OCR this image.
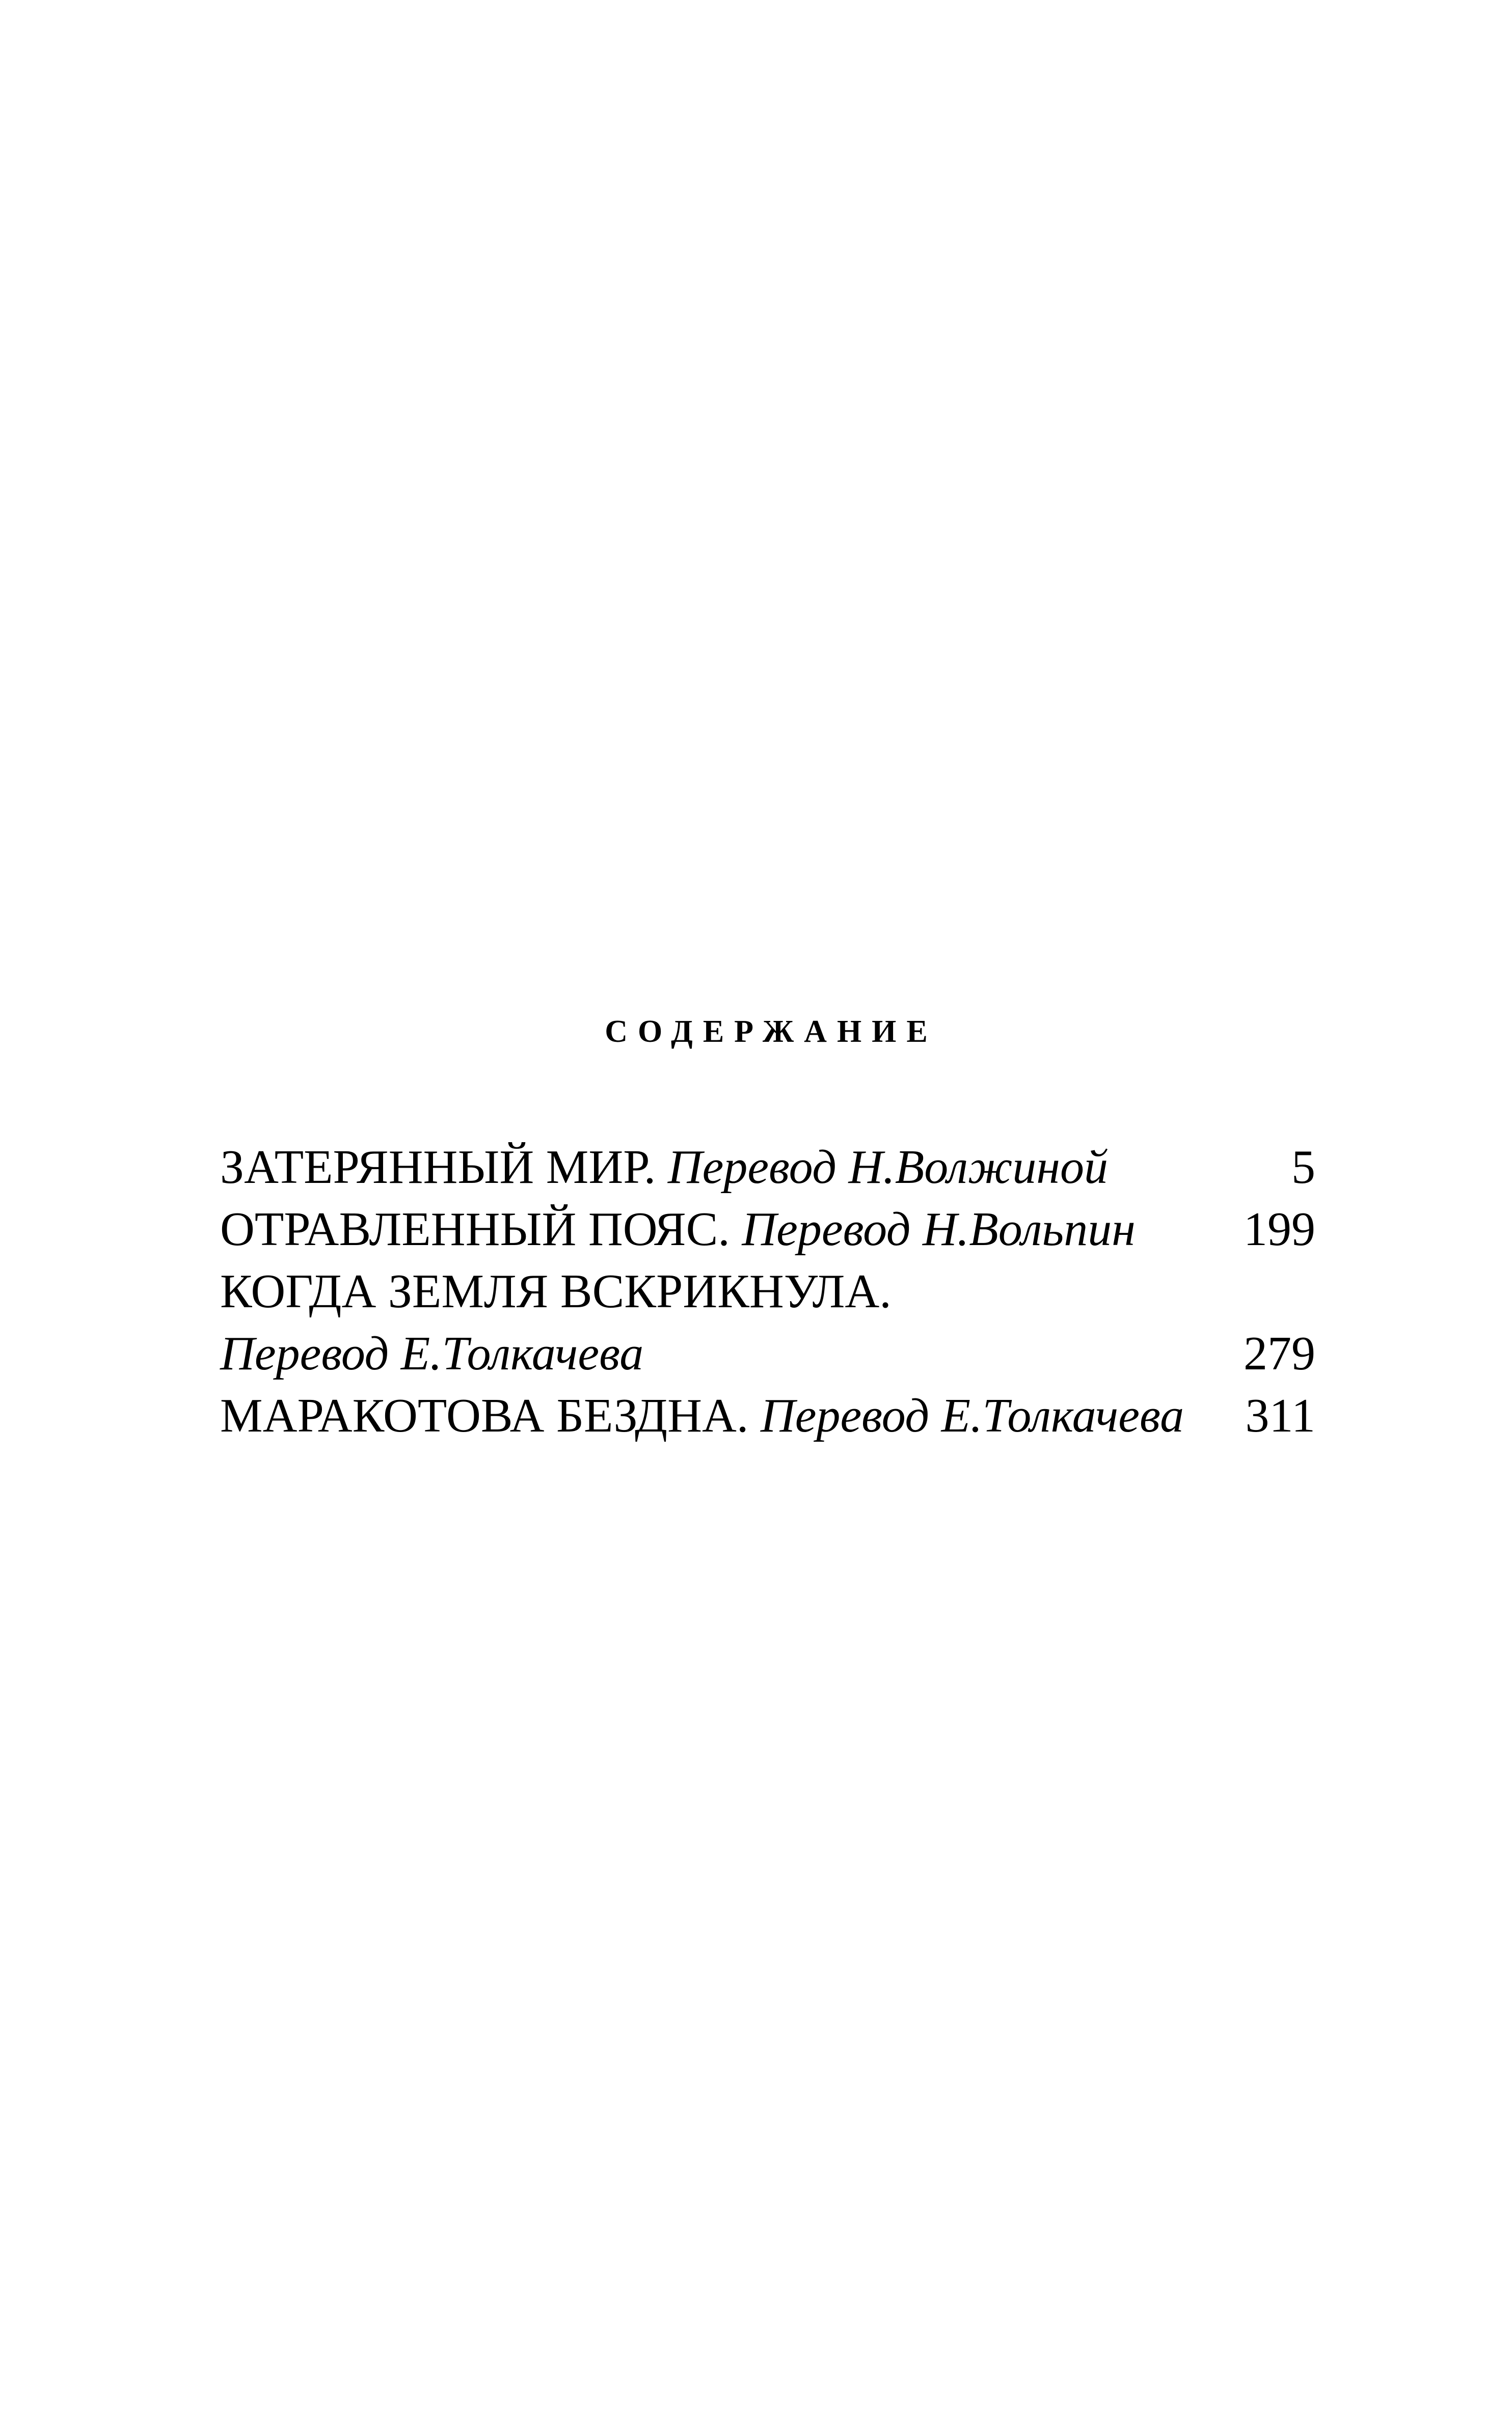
СОДЕРЖАНИЕ
ЗАТЕРЯННЫЙ МИР. Перевод Н.Волжиной	5
ОТРАВЛЕННЫЙ ПОЯС. Перевод Н.Вольпин 199
КОГДА ЗЕМЛЯ ВСКРИКНУЛА.
Перевод Е.Толкачева	279
МАРАКОТОВА БЕЗДНА. Перевод Е.Толкачева 311
